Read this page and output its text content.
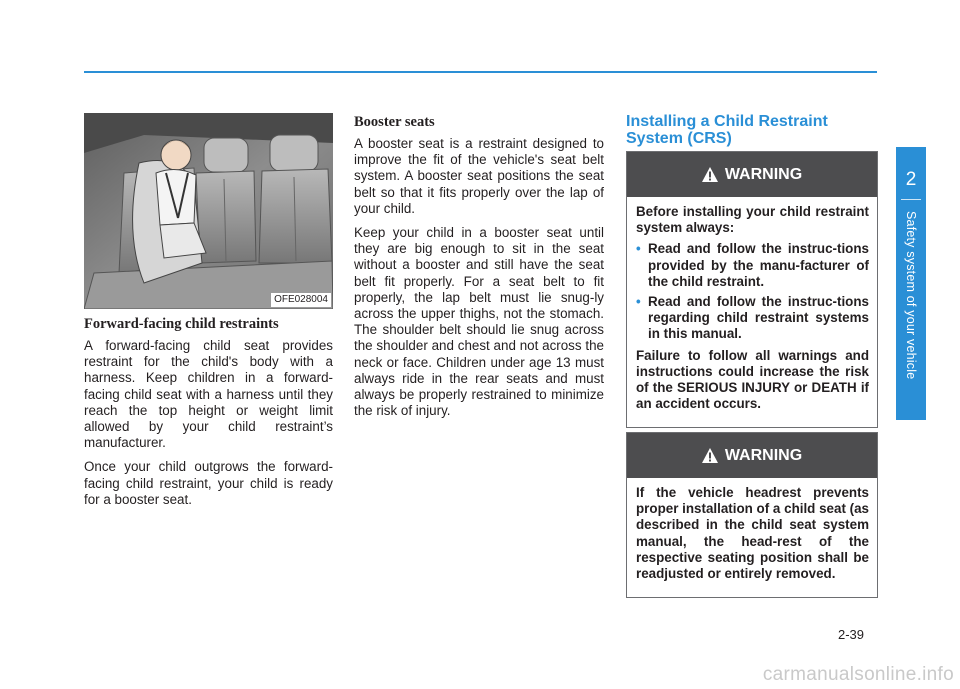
OFE028004
Forward-facing child restraints

A forward-facing child seat provides restraint for the child's body with a harness. Keep children in a forward-facing child seat with a harness until they reach the top height or weight limit allowed by your child restraint’s manufacturer.

Once your child outgrows the forward-facing child restraint, your child is ready for a booster seat.

Booster seats

A booster seat is a restraint designed to improve the fit of the vehicle's seat belt system. A booster seat positions the seat belt so that it fits properly over the lap of your child.

Keep your child in a booster seat until they are big enough to sit in the seat without a booster and still have the seat belt fit properly. For a seat belt to fit properly, the lap belt must lie snug-ly across the upper thighs, not the stomach. The shoulder belt should lie snug across the shoulder and chest and not across the neck or face. Children under age 13 must always ride in the rear seats and must always be properly restrained to minimize the risk of injury.

Installing a Child Restraint System (CRS)
WARNING

Before installing your child restraint system always:

• Read and follow the instruc-tions provided by the manu-facturer of the child restraint.
• Read and follow the instruc-tions regarding child restraint systems in this manual.

Failure to follow all warnings and instructions could increase the risk of the SERIOUS INJURY or DEATH if an accident occurs.

WARNING

If the vehicle headrest prevents proper installation of a child seat (as described in the child seat system manual, the head-rest of the respective seating position shall be readjusted or entirely removed.

2
Safety system of your vehicle
2-39
carmanualsonline.info
